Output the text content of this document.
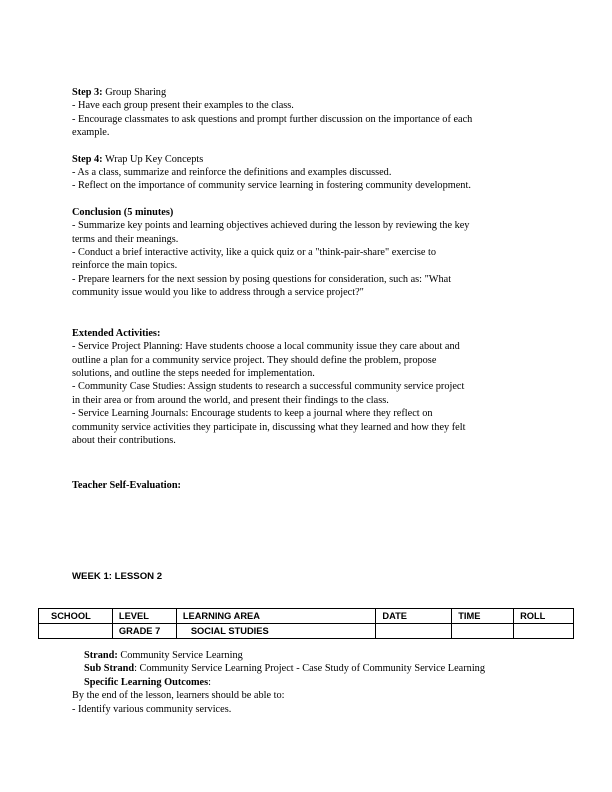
Step 3: Group Sharing

- Have each group present their examples to the class.

- Encourage classmates to ask questions and prompt further discussion on the importance of each

example.

Step 4: Wrap Up Key Concepts

- As a class, summarize and reinforce the definitions and examples discussed.

- Reflect on the importance of community service learning in fostering community development.

Conclusion (5 minutes)

- Summarize key points and learning objectives achieved during the lesson by reviewing the key

terms and their meanings.

- Conduct a brief interactive activity, like a quick quiz or a "think-pair-share" exercise to

reinforce the main topics.

- Prepare learners for the next session by posing questions for consideration, such as: "What

community issue would you like to address through a service project?"

Extended Activities:

- Service Project Planning: Have students choose a local community issue they care about and

outline a plan for a community service project. They should define the problem, propose

solutions, and outline the steps needed for implementation.

- Community Case Studies: Assign students to research a successful community service project

in their area or from around the world, and present their findings to the class.

- Service Learning Journals: Encourage students to keep a journal where they reflect on

community service activities they participate in, discussing what they learned and how they felt

about their contributions.

Teacher Self-Evaluation:

WEEK 1: LESSON 2
SCHOOL	LEVEL	LEARNING AREA	DATE	TIME	ROLL
	GRADE 7	SOCIAL STUDIES			

Strand: Community Service Learning

Sub Strand: Community Service Learning Project - Case Study of Community Service Learning

Specific Learning Outcomes:

By the end of the lesson, learners should be able to:

- Identify various community services.
